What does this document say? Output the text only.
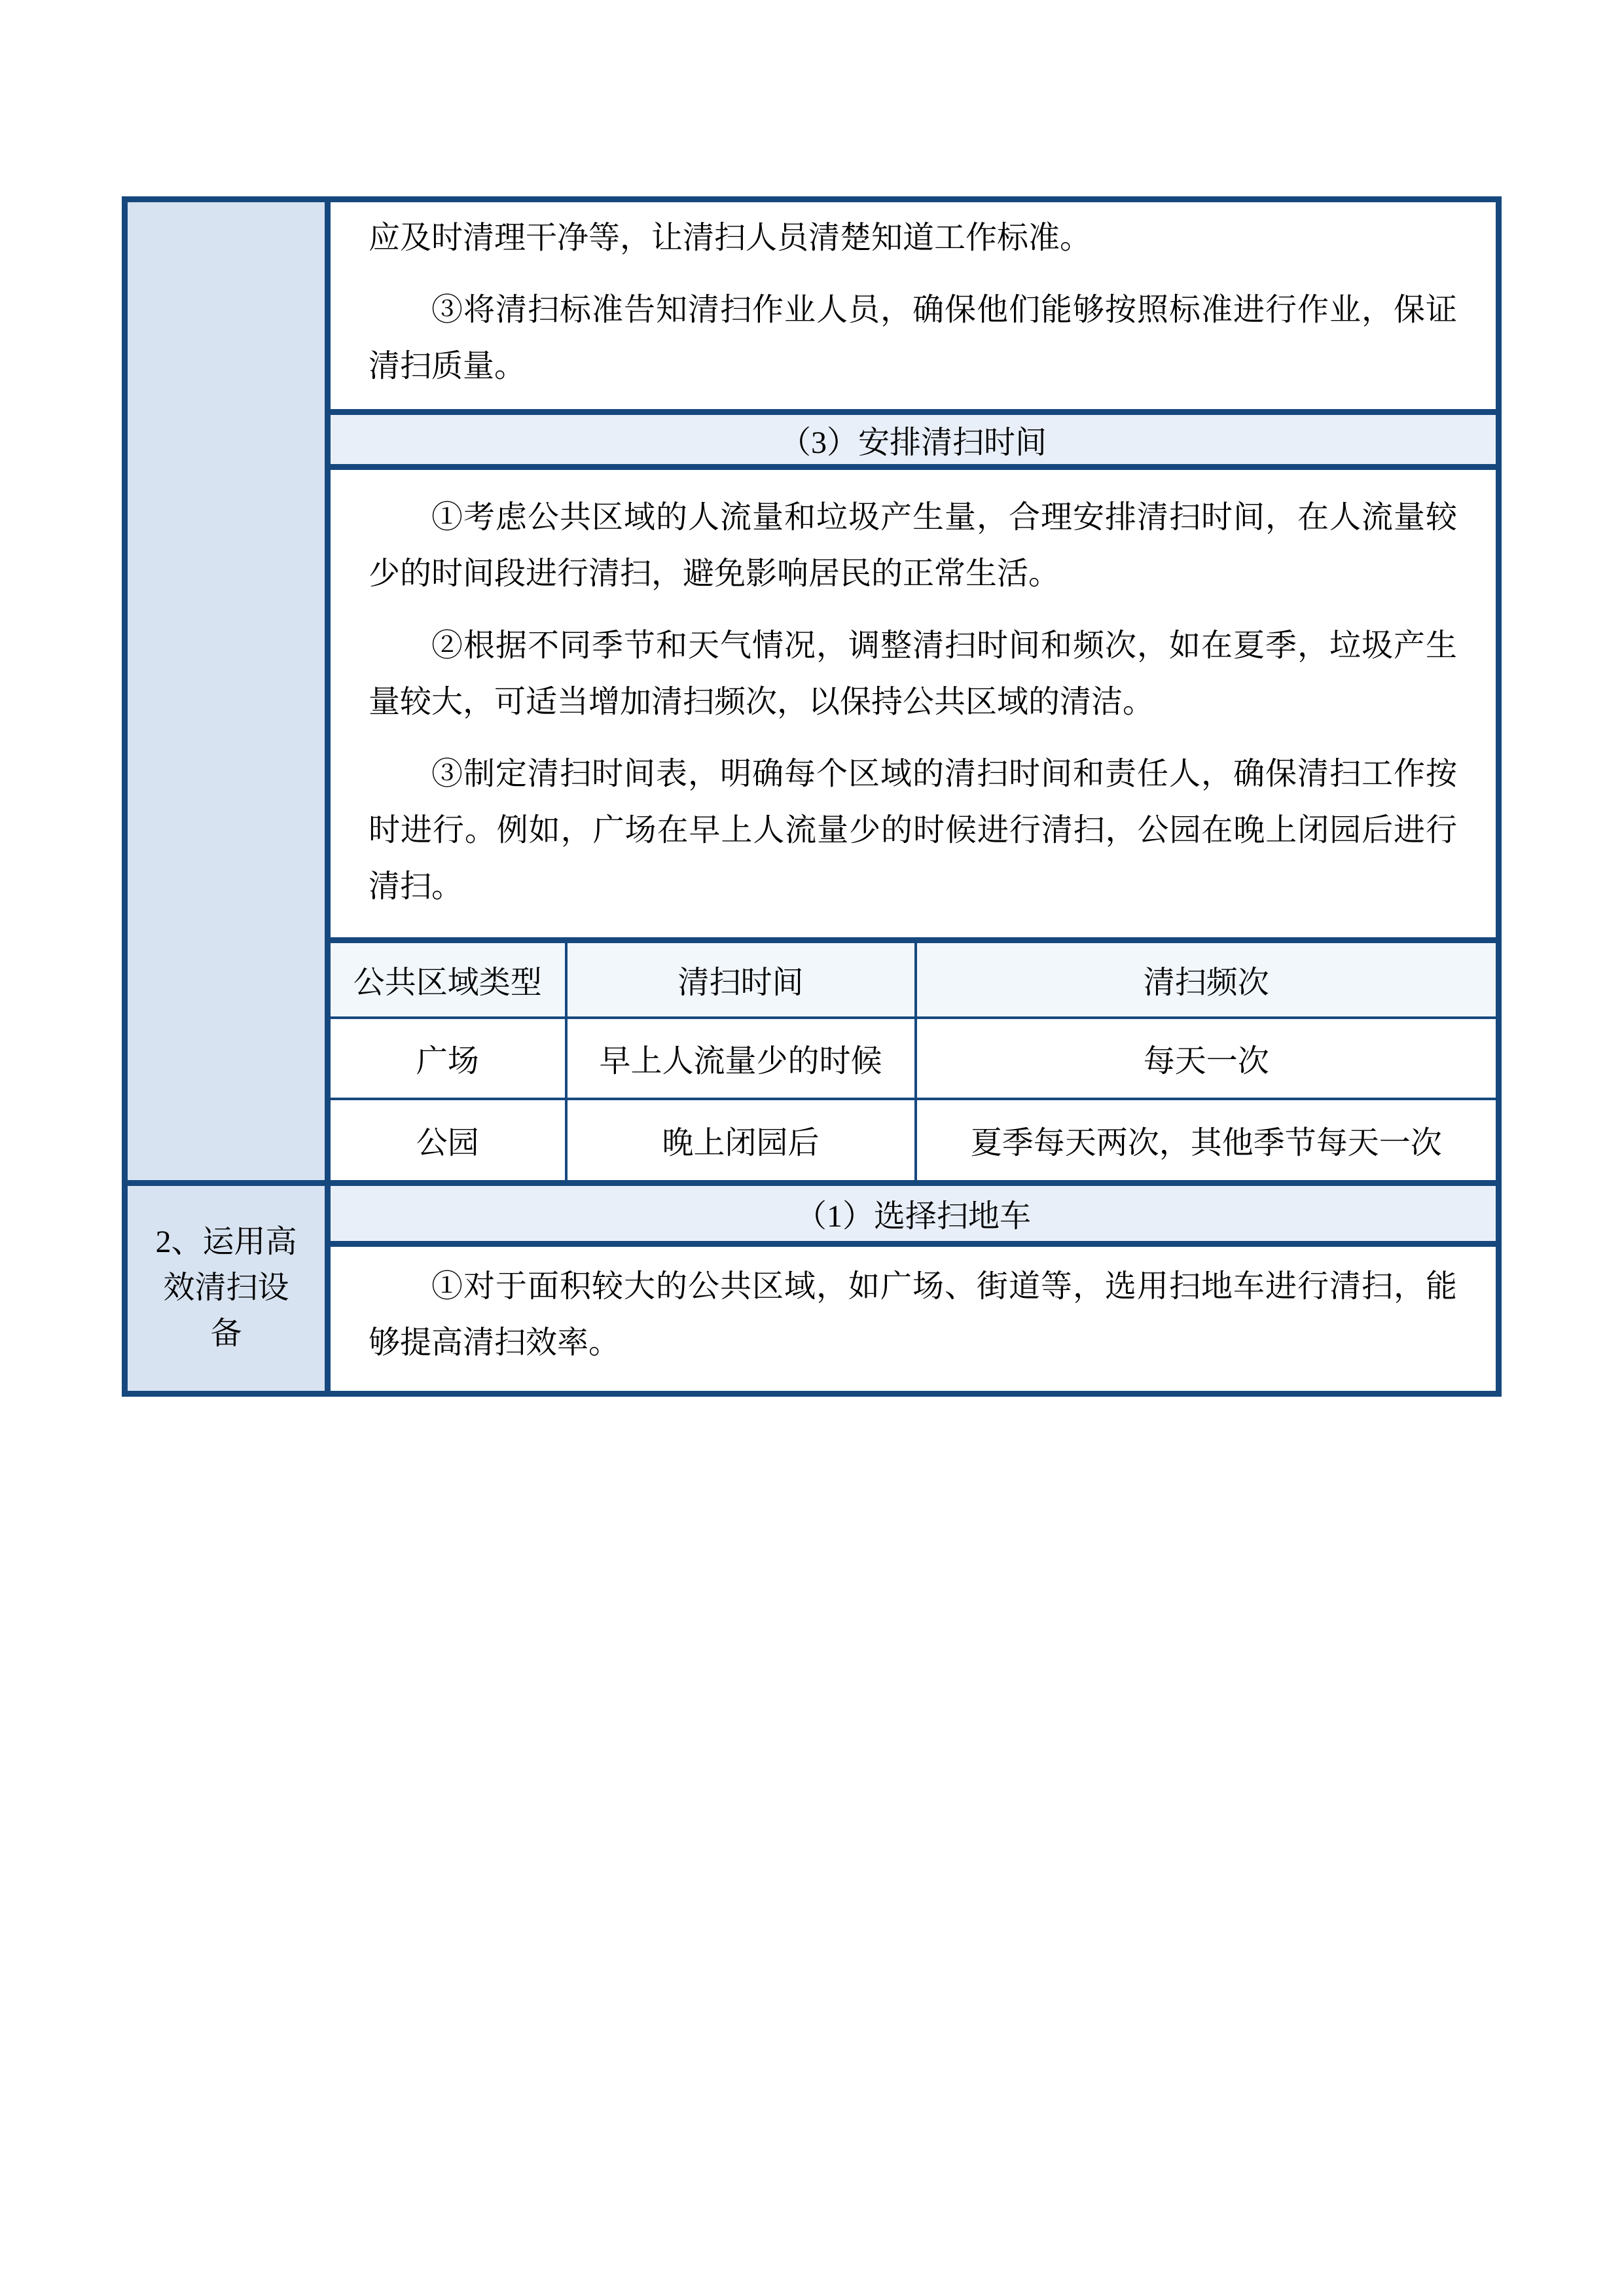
应及时清理干净等，让清扫人员清楚知道工作标准。

③将清扫标准告知清扫作业人员，确保他们能够按照标准进行作业，保证清扫质量。

（3）安排清扫时间

①考虑公共区域的人流量和垃圾产生量，合理安排清扫时间，在人流量较少的时间段进行清扫，避免影响居民的正常生活。

②根据不同季节和天气情况，调整清扫时间和频次，如在夏季，垃圾产生量较大，可适当增加清扫频次，以保持公共区域的清洁。

③制定清扫时间表，明确每个区域的清扫时间和责任人，确保清扫工作按时进行。例如，广场在早上人流量少的时候进行清扫，公园在晚上闭园后进行清扫。

公共区域类型	清扫时间	清扫频次
广场	早上人流量少的时候	每天一次
公园	晚上闭园后	夏季每天两次，其他季节每天一次
2、运用高
效清扫设
备
（1）选择扫地车

①对于面积较大的公共区域，如广场、街道等，选用扫地车进行清扫，能够提高清扫效率。
